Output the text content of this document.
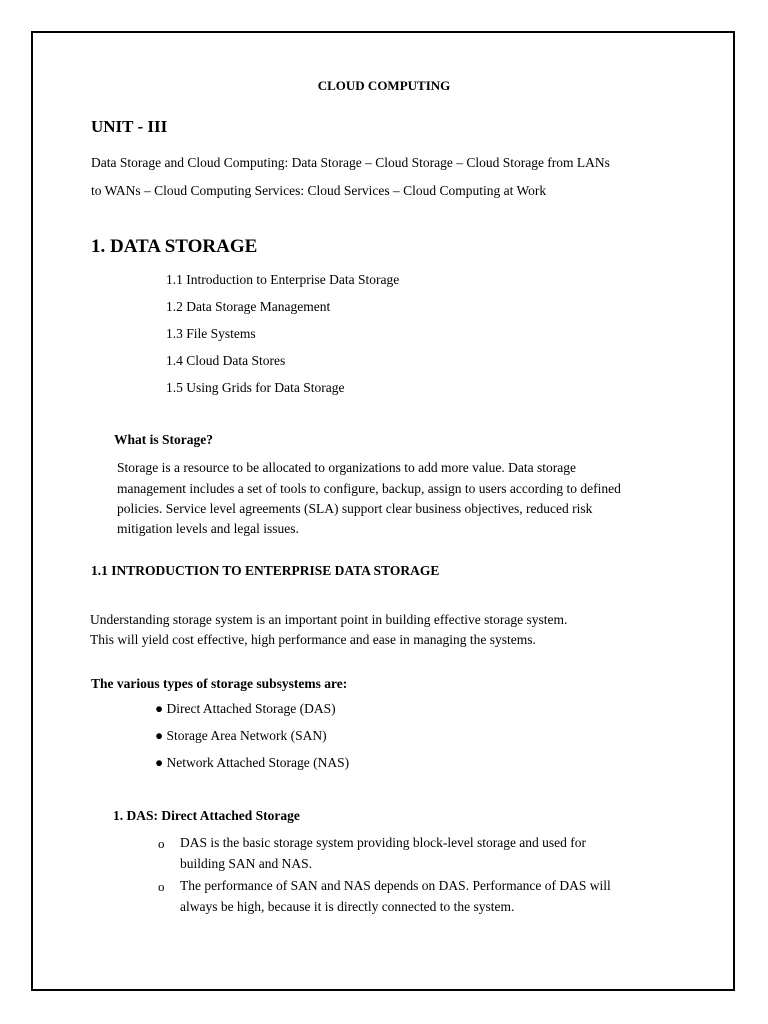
CLOUD COMPUTING
UNIT - III
Data Storage and Cloud Computing: Data Storage – Cloud Storage – Cloud Storage from LANs
to WANs – Cloud Computing Services: Cloud Services – Cloud Computing at Work
1. DATA STORAGE
1.1 Introduction to Enterprise Data Storage
1.2 Data Storage Management
1.3 File Systems
1.4 Cloud Data Stores
1.5 Using Grids for Data Storage
What is Storage?
Storage is a resource to be allocated to organizations to add more value. Data storage
management includes a set of tools to configure, backup, assign to users according to defined
policies. Service level agreements (SLA) support clear business objectives, reduced risk
mitigation levels and legal issues.
1.1 INTRODUCTION TO ENTERPRISE DATA STORAGE
Understanding storage system is an important point in building effective storage system.
This will yield cost effective, high performance and ease in managing the systems.
The various types of storage subsystems are:
● Direct Attached Storage (DAS)
● Storage Area Network (SAN)
● Network Attached Storage (NAS)
1. DAS: Direct Attached Storage
o DAS is the basic storage system providing block-level storage and used for
building SAN and NAS.
o The performance of SAN and NAS depends on DAS. Performance of DAS will
always be high, because it is directly connected to the system.
